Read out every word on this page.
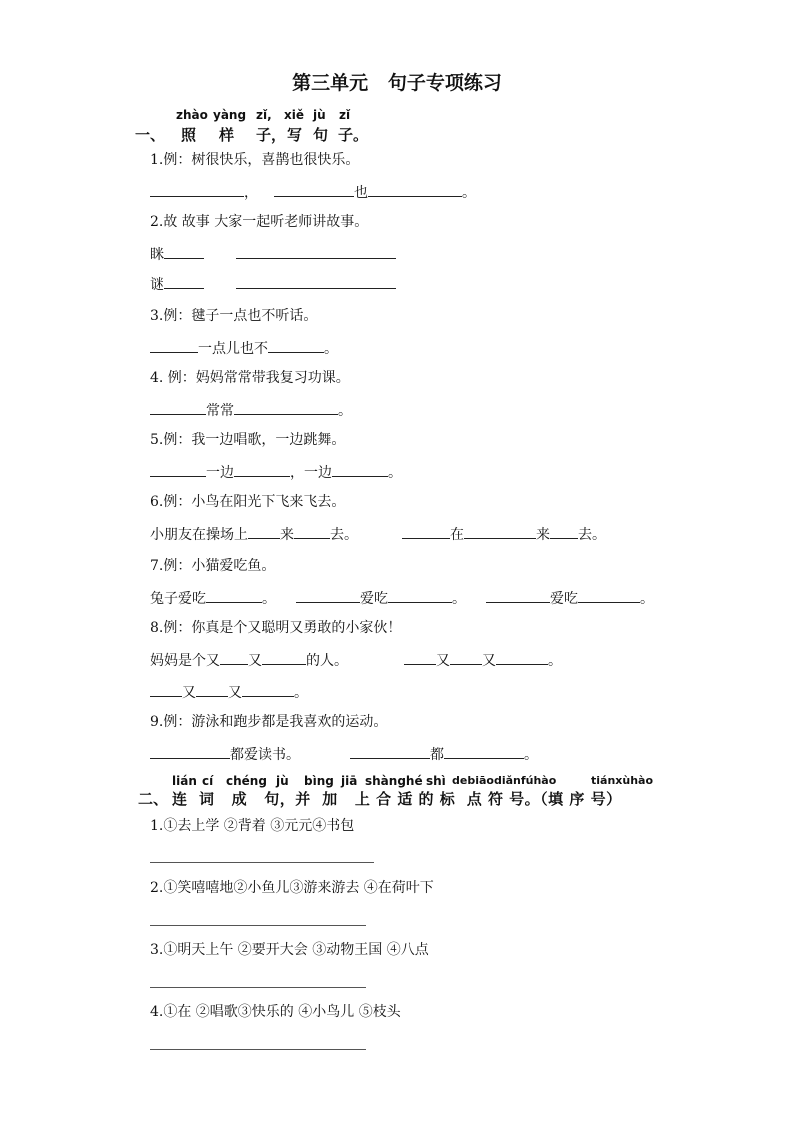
第三单元   句子专项练习
zhào yàng zǐ, xiě jù zǐ
一、 照 样 子， 写 句 子。
1.例：树很快乐，喜鹊也很快乐。
，	也	。
2.故 故事 大家一起听老师讲故事。
眯
谜
3.例：毽子一点也不听话。
一点儿也不	。
4. 例：妈妈常常带我复习功课。
常常	。
5.例：我一边唱歌，一边跳舞。
一边	，一边	。
6.例：小鸟在阳光下飞来飞去。
小朋友在操场上 来	去。	在	来 去。
7.例：小猫爱吃鱼。
兔子爱吃	。	爱吃	。	爱吃	。
8.例：你真是个又聪明又勇敢的小家伙！
妈妈是个又 又	的人。	又 又	。
又 又	。
9.例：游泳和跑步都是我喜欢的运动。
都爱读书。	都	。
lián cí chéng jù bìng jiā shànghé shì debiāodiǎnfúhào	tiánxùhào
二、 连  词   成   句，并  加   上 合 适 的 标  点 符 号。（填 序 号）
1.①去上学 ②背着 ③元元④书包
2.①笑嘻嘻地②小鱼儿③游来游去 ④在荷叶下
3.①明天上午 ②要开大会 ③动物王国 ④八点
4.①在 ②唱歌③快乐的 ④小鸟儿 ⑤枝头
